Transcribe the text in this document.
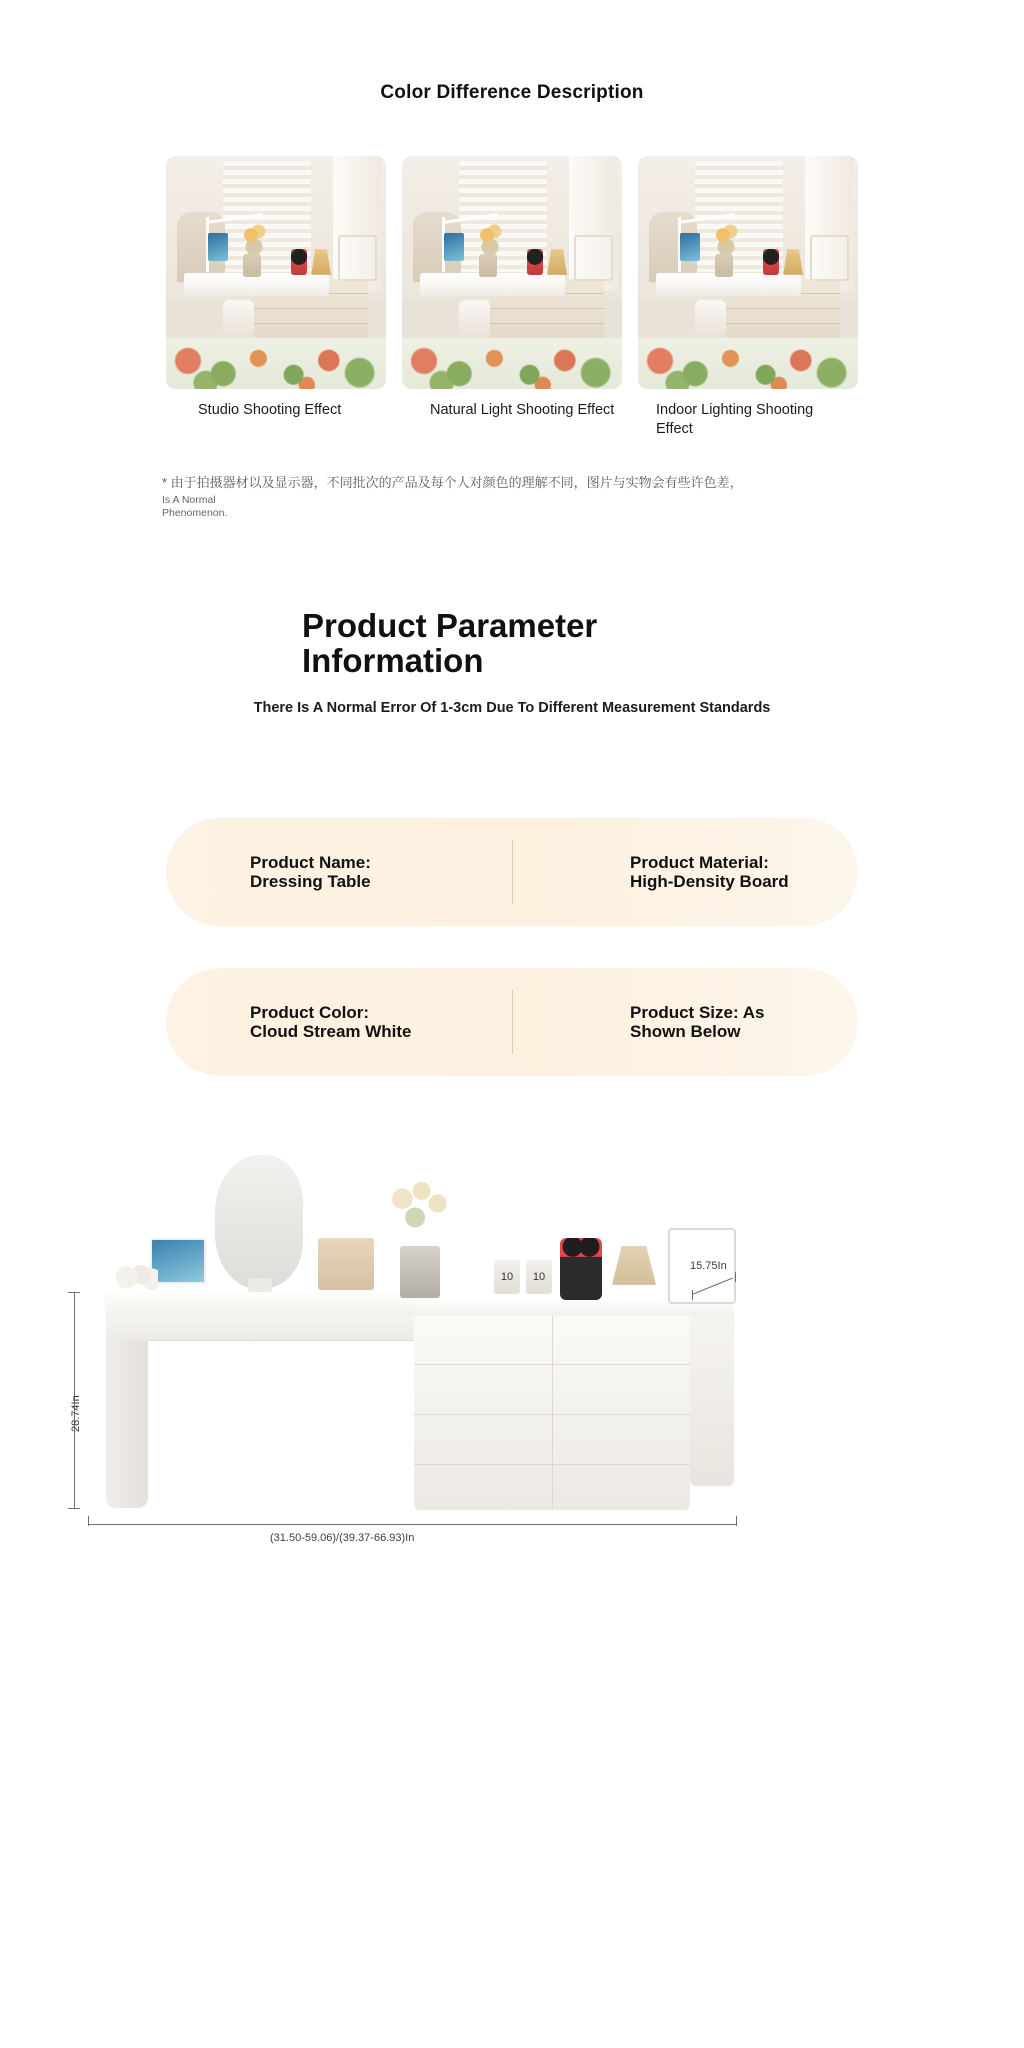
Color Difference Description
Studio Shooting Effect	Natural Light Shooting Effect	Indoor Lighting Shooting Effect
* 由于拍摄器材以及显示器，不同批次的产品及每个人对颜色的理解不同，图片与实物会有些许色差，
Is A Normal Phenomenon.
Product Parameter Information
There Is A Normal Error Of 1-3cm Due To Different Measurement Standards
Product Name:
Dressing Table
Product Material:
High-Density Board
Product Color:
Cloud Stream White
Product Size: As
Shown Below
10	10
28.74In
15.75In
(31.50-59.06)/(39.37-66.93)In
